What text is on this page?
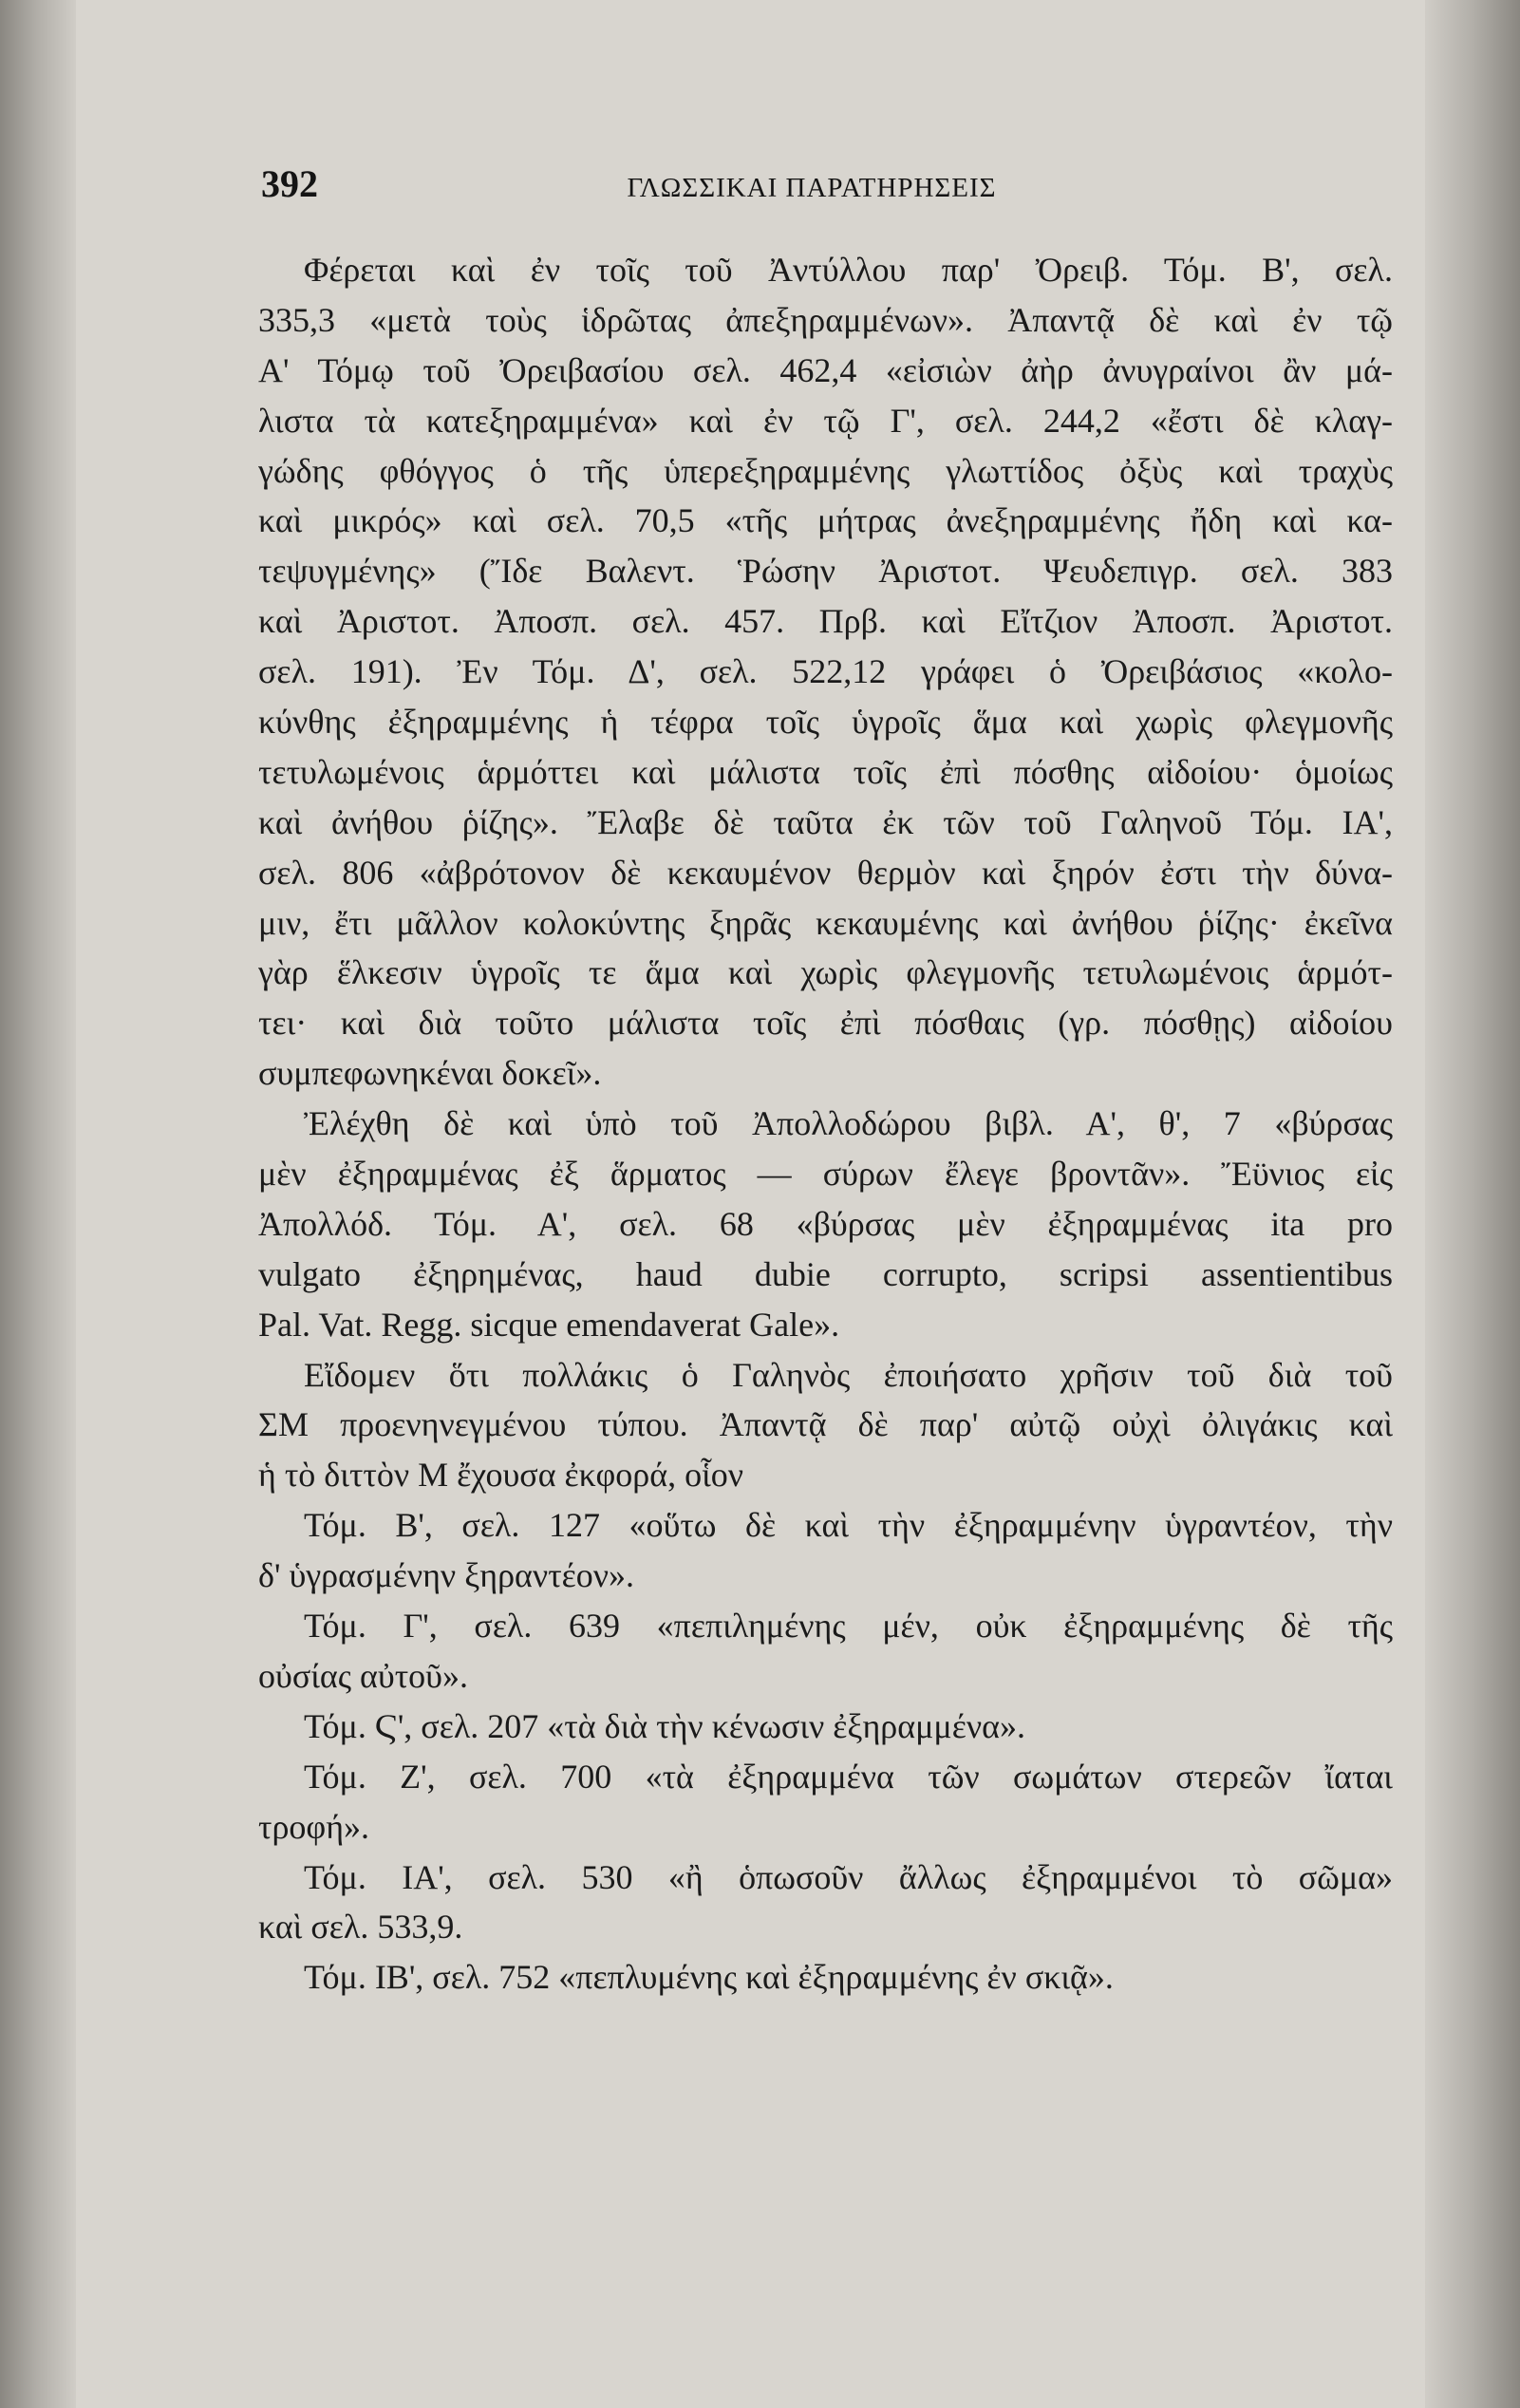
392	ΓΛΩΣΣΙΚΑΙ ΠΑΡΑΤΗΡΗΣΕΙΣ
Φέρεται καὶ ἐν τοῖς τοῦ Ἀντύλλου παρ' Ὀρειβ. Τόμ. Β', σελ.
335,3 «μετὰ τοὺς ἱδρῶτας ἀπεξηραμμένων». Ἀπαντᾷ δὲ καὶ ἐν τῷ
Α' Τόμῳ τοῦ Ὀρειβασίου σελ. 462,4 «εἰσιὼν ἀὴρ ἀνυγραίνοι ἂν μά-
λιστα τὰ κατεξηραμμένα» καὶ ἐν τῷ Γ', σελ. 244,2 «ἔστι δὲ κλαγ-
γώδης φθόγγος ὁ τῆς ὑπερεξηραμμένης γλωττίδος ὀξὺς καὶ τραχὺς
καὶ μικρός» καὶ σελ. 70,5 «τῆς μήτρας ἀνεξηραμμένης ἤδη καὶ κα-
τεψυγμένης» (Ἴδε Βαλεντ. Ῥώσην Ἀριστοτ. Ψευδεπιγρ. σελ. 383
καὶ Ἀριστοτ. Ἀποσπ. σελ. 457. Πρβ. καὶ Εἴτζιον Ἀποσπ. Ἀριστοτ.
σελ. 191). Ἐν Τόμ. Δ', σελ. 522,12 γράφει ὁ Ὀρειβάσιος «κολο-
κύνθης ἐξηραμμένης ἡ τέφρα τοῖς ὑγροῖς ἅμα καὶ χωρὶς φλεγμονῆς
τετυλωμένοις ἁρμόττει καὶ μάλιστα τοῖς ἐπὶ πόσθης αἰδοίου· ὁμοίως
καὶ ἀνήθου ῥίζης». Ἔλαβε δὲ ταῦτα ἐκ τῶν τοῦ Γαληνοῦ Τόμ. ΙΑ',
σελ. 806 «ἀβρότονον δὲ κεκαυμένον θερμὸν καὶ ξηρόν ἐστι τὴν δύνα-
μιν, ἔτι μᾶλλον κολοκύντης ξηρᾶς κεκαυμένης καὶ ἀνήθου ῥίζης· ἐκεῖνα
γὰρ ἕλκεσιν ὑγροῖς τε ἅμα καὶ χωρὶς φλεγμονῆς τετυλωμένοις ἁρμότ-
τει· καὶ διὰ τοῦτο μάλιστα τοῖς ἐπὶ πόσθαις (γρ. πόσθῃς) αἰδοίου
συμπεφωνηκέναι δοκεῖ».
Ἐλέχθη δὲ καὶ ὑπὸ τοῦ Ἀπολλοδώρου βιβλ. Α', θ', 7 «βύρσας
μὲν ἐξηραμμένας ἐξ ἅρματος — σύρων ἔλεγε βροντᾶν». Ἔϋνιος εἰς
Ἀπολλόδ. Τόμ. Α', σελ. 68 «βύρσας μὲν ἐξηραμμένας ita pro
vulgato ἐξηρημένας, haud dubie corrupto, scripsi assentientibus
Pal. Vat. Regg. sicque emendaverat Gale».
Εἴδομεν ὅτι πολλάκις ὁ Γαληνὸς ἐποιήσατο χρῆσιν τοῦ διὰ τοῦ
ΣΜ προενηνεγμένου τύπου. Ἀπαντᾷ δὲ παρ' αὐτῷ οὐχὶ ὀλιγάκις καὶ
ἡ τὸ διττὸν Μ ἔχουσα ἐκφορά, οἷον
Τόμ. Β', σελ. 127 «οὕτω δὲ καὶ τὴν ἐξηραμμένην ὑγραντέον, τὴν
δ' ὑγρασμένην ξηραντέον».
Τόμ. Γ', σελ. 639 «πεπιλημένης μέν, οὐκ ἐξηραμμένης δὲ τῆς
οὐσίας αὐτοῦ».
Τόμ. Ϛ', σελ. 207 «τὰ διὰ τὴν κένωσιν ἐξηραμμένα».
Τόμ. Ζ', σελ. 700 «τὰ ἐξηραμμένα τῶν σωμάτων στερεῶν ἴαται
τροφή».
Τόμ. ΙΑ', σελ. 530 «ἢ ὁπωσοῦν ἄλλως ἐξηραμμένοι τὸ σῶμα»
καὶ σελ. 533,9.
Τόμ. ΙΒ', σελ. 752 «πεπλυμένης καὶ ἐξηραμμένης ἐν σκιᾷ».
